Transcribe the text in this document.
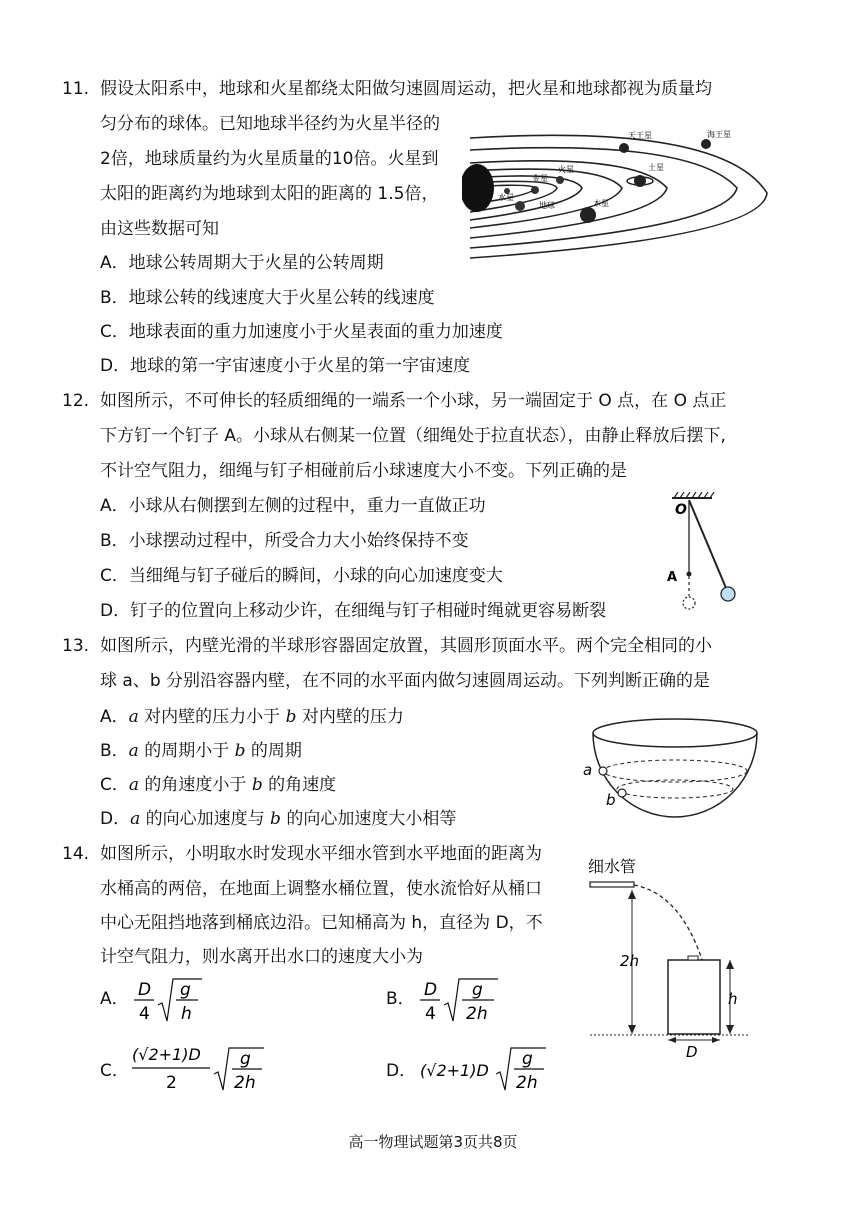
11. 假设太阳系中，地球和火星都绕太阳做匀速圆周运动，把火星和地球都视为质量均
匀分布的球体。已知地球半径约为火星半径的
2倍，地球质量约为火星质量的10倍。火星到
太阳的距离约为地球到太阳的距离的 1.5倍，
由这些数据可知
A．地球公转周期大于火星的公转周期
B．地球公转的线速度大于火星公转的线速度
C．地球表面的重力加速度小于火星表面的重力加速度
D．地球的第一宇宙速度小于火星的第一宇宙速度
天王星	海王星
金星
火星	土星
水星
地球	木星
12. 如图所示，不可伸长的轻质细绳的一端系一个小球，另一端固定于 O 点，在 O 点正
下方钉一个钉子 A。小球从右侧某一位置（细绳处于拉直状态），由静止释放后摆下,
不计空气阻力，细绳与钉子相碰前后小球速度大小不变。下列正确的是
A．小球从右侧摆到左侧的过程中，重力一直做正功
B．小球摆动过程中，所受合力大小始终保持不变
C．当细绳与钉子碰后的瞬间，小球的向心加速度变大
D．钉子的位置向上移动少许，在细绳与钉子相碰时绳就更容易断裂
O
A
13. 如图所示，内壁光滑的半球形容器固定放置，其圆形顶面水平。两个完全相同的小
球 a、b 分别沿容器内壁，在不同的水平面内做匀速圆周运动。下列判断正确的是
A．a 对内壁的压力小于 b 对内壁的压力
B．a 的周期小于 b 的周期
C．a 的角速度小于 b 的角速度
D．a 的向心加速度与 b 的向心加速度大小相等
a
b
14. 如图所示，小明取水时发现水平细水管到水平地面的距离为
水桶高的两倍，在地面上调整水桶位置，使水流恰好从桶口
中心无阻挡地落到桶底边沿。已知桶高为 h，直径为 D，不
计空气阻力，则水离开出水口的速度大小为
A． D
4
g
h
B． D
4
g
2h
C．
(√2+1)D
2
g
2h
D． (√2+1)D
g
2h
细水管
2h
h
D
高一物理试题第3页共8页
